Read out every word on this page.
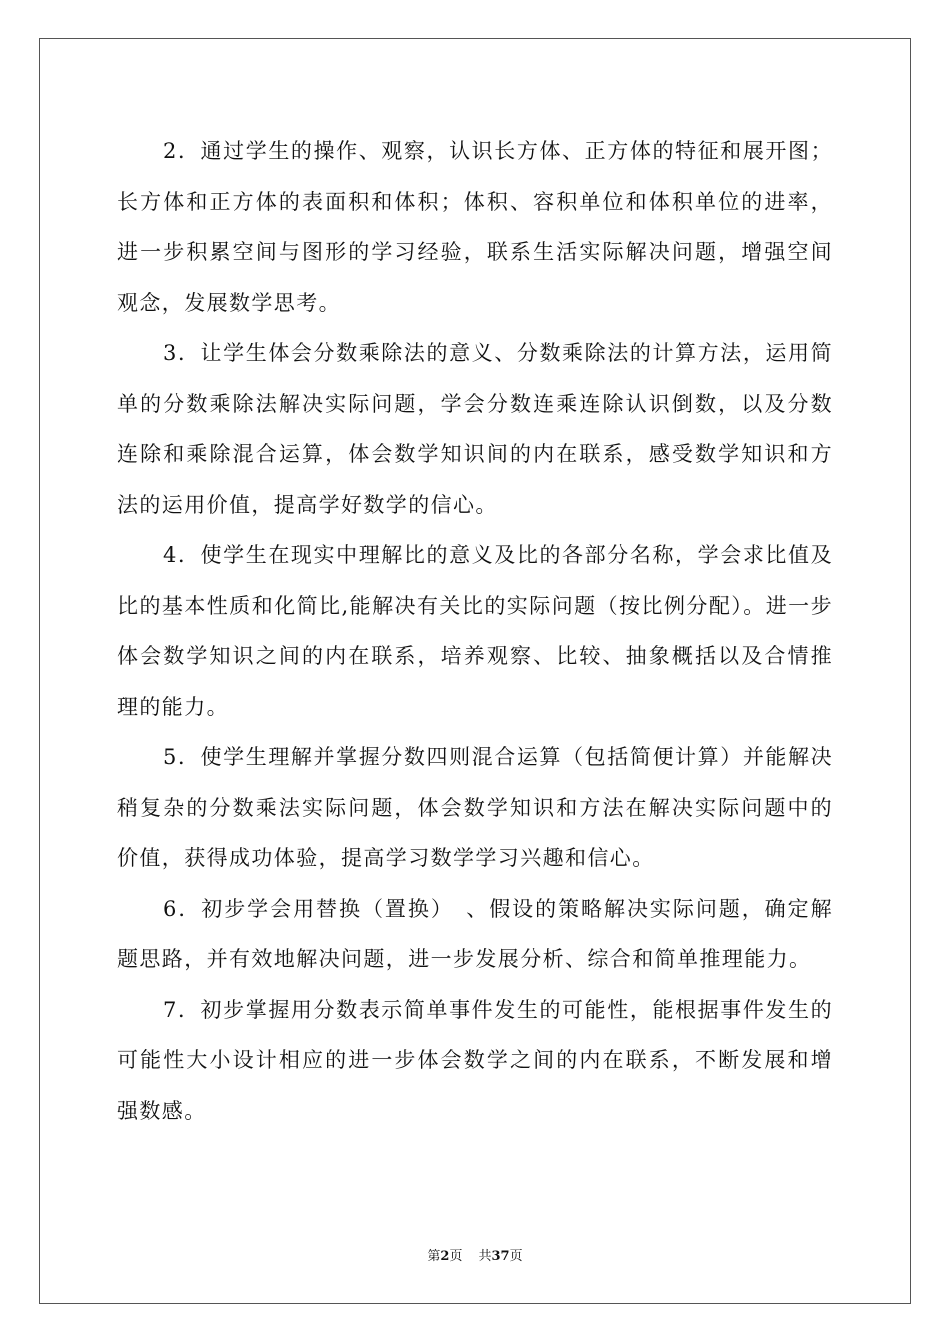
2．通过学生的操作、观察，认识长方体、正方体的特征和展开图；长方体和正方体的表面积和体积；体积、容积单位和体积单位的进率，进一步积累空间与图形的学习经验，联系生活实际解决问题，增强空间观念，发展数学思考。

3．让学生体会分数乘除法的意义、分数乘除法的计算方法，运用简单的分数乘除法解决实际问题，学会分数连乘连除认识倒数，以及分数连除和乘除混合运算，体会数学知识间的内在联系，感受数学知识和方法的运用价值，提高学好数学的信心。

4．使学生在现实中理解比的意义及比的各部分名称，学会求比值及比的基本性质和化简比,能解决有关比的实际问题（按比例分配）。进一步体会数学知识之间的内在联系，培养观察、比较、抽象概括以及合情推理的能力。

5．使学生理解并掌握分数四则混合运算（包括简便计算）并能解决稍复杂的分数乘法实际问题，体会数学知识和方法在解决实际问题中的价值，获得成功体验，提高学习数学学习兴趣和信心。

6．初步学会用替换（置换）　、假设的策略解决实际问题，确定解题思路，并有效地解决问题，进一步发展分析、综合和简单推理能力。

7．初步掌握用分数表示简单事件发生的可能性，能根据事件发生的可能性大小设计相应的进一步体会数学之间的内在联系，不断发展和增强数感。

第2页 共37页
